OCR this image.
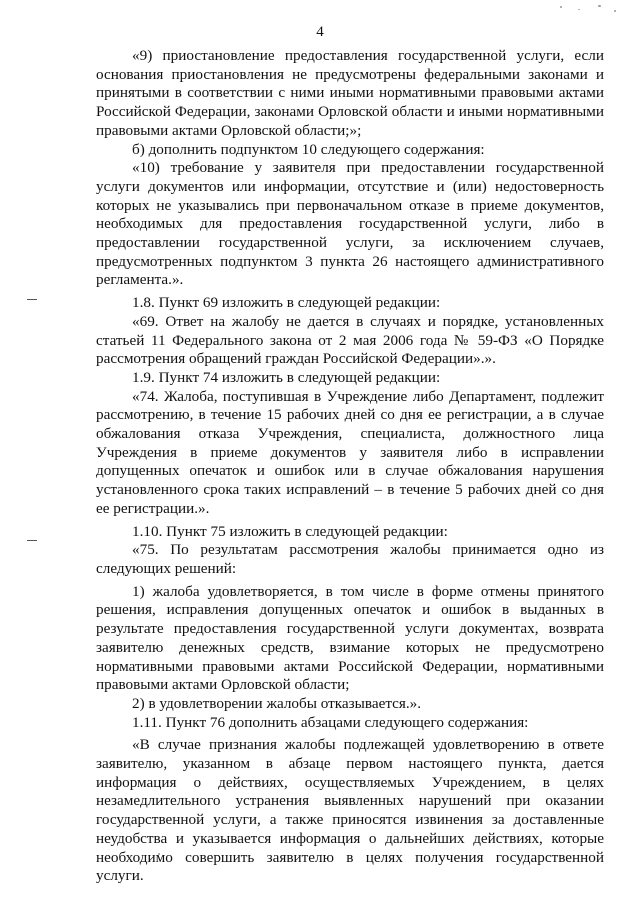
4

«9) приостановление предоставления государственной услуги, если основания приостановления не предусмотрены федеральными законами и принятыми в соответствии с ними иными нормативными правовыми актами Российской Федерации, законами Орловской области и иными нормативными правовыми актами Орловской области;»;

б) дополнить подпунктом 10 следующего содержания:

«10) требование у заявителя при предоставлении государственной услуги документов или информации, отсутствие и (или) недостоверность которых не указывались при первоначальном отказе в приеме документов, необходимых для предоставления государственной услуги, либо в предоставлении государственной услуги, за исключением случаев, предусмотренных подпунктом 3 пункта 26 настоящего административного регламента.».

1.8. Пункт 69 изложить в следующей редакции:

«69. Ответ на жалобу не дается в случаях и порядке, установленных статьей 11 Федерального закона от 2 мая 2006 года № 59-ФЗ «О Порядке рассмотрения обращений граждан Российской Федерации».».

1.9. Пункт 74 изложить в следующей редакции:

«74. Жалоба, поступившая в Учреждение либо Департамент, подлежит рассмотрению, в течение 15 рабочих дней со дня ее регистрации, а в случае обжалования отказа Учреждения, специалиста, должностного лица Учреждения в приеме документов у заявителя либо в исправлении допущенных опечаток и ошибок или в случае обжалования нарушения установленного срока таких исправлений – в течение 5 рабочих дней со дня ее регистрации.».

1.10. Пункт 75 изложить в следующей редакции:

«75. По результатам рассмотрения жалобы принимается одно из следующих решений:

1) жалоба удовлетворяется, в том числе в форме отмены принятого решения, исправления допущенных опечаток и ошибок в выданных в результате предоставления государственной услуги документах, возврата заявителю денежных средств, взимание которых не предусмотрено нормативными правовыми актами Российской Федерации, нормативными правовыми актами Орловской области;

2) в удовлетворении жалобы отказывается.».

1.11. Пункт 76 дополнить абзацами следующего содержания:

«В случае признания жалобы подлежащей удовлетворению в ответе заявителю, указанном в абзаце первом настоящего пункта, дается информация о действиях, осуществляемых Учреждением, в целях незамедлительного устранения выявленных нарушений при оказании государственной услуги, а также приносятся извинения за доставленные неудобства и указывается информация о дальнейших действиях, которые необходимо совершить заявителю в целях получения государственной услуги.
